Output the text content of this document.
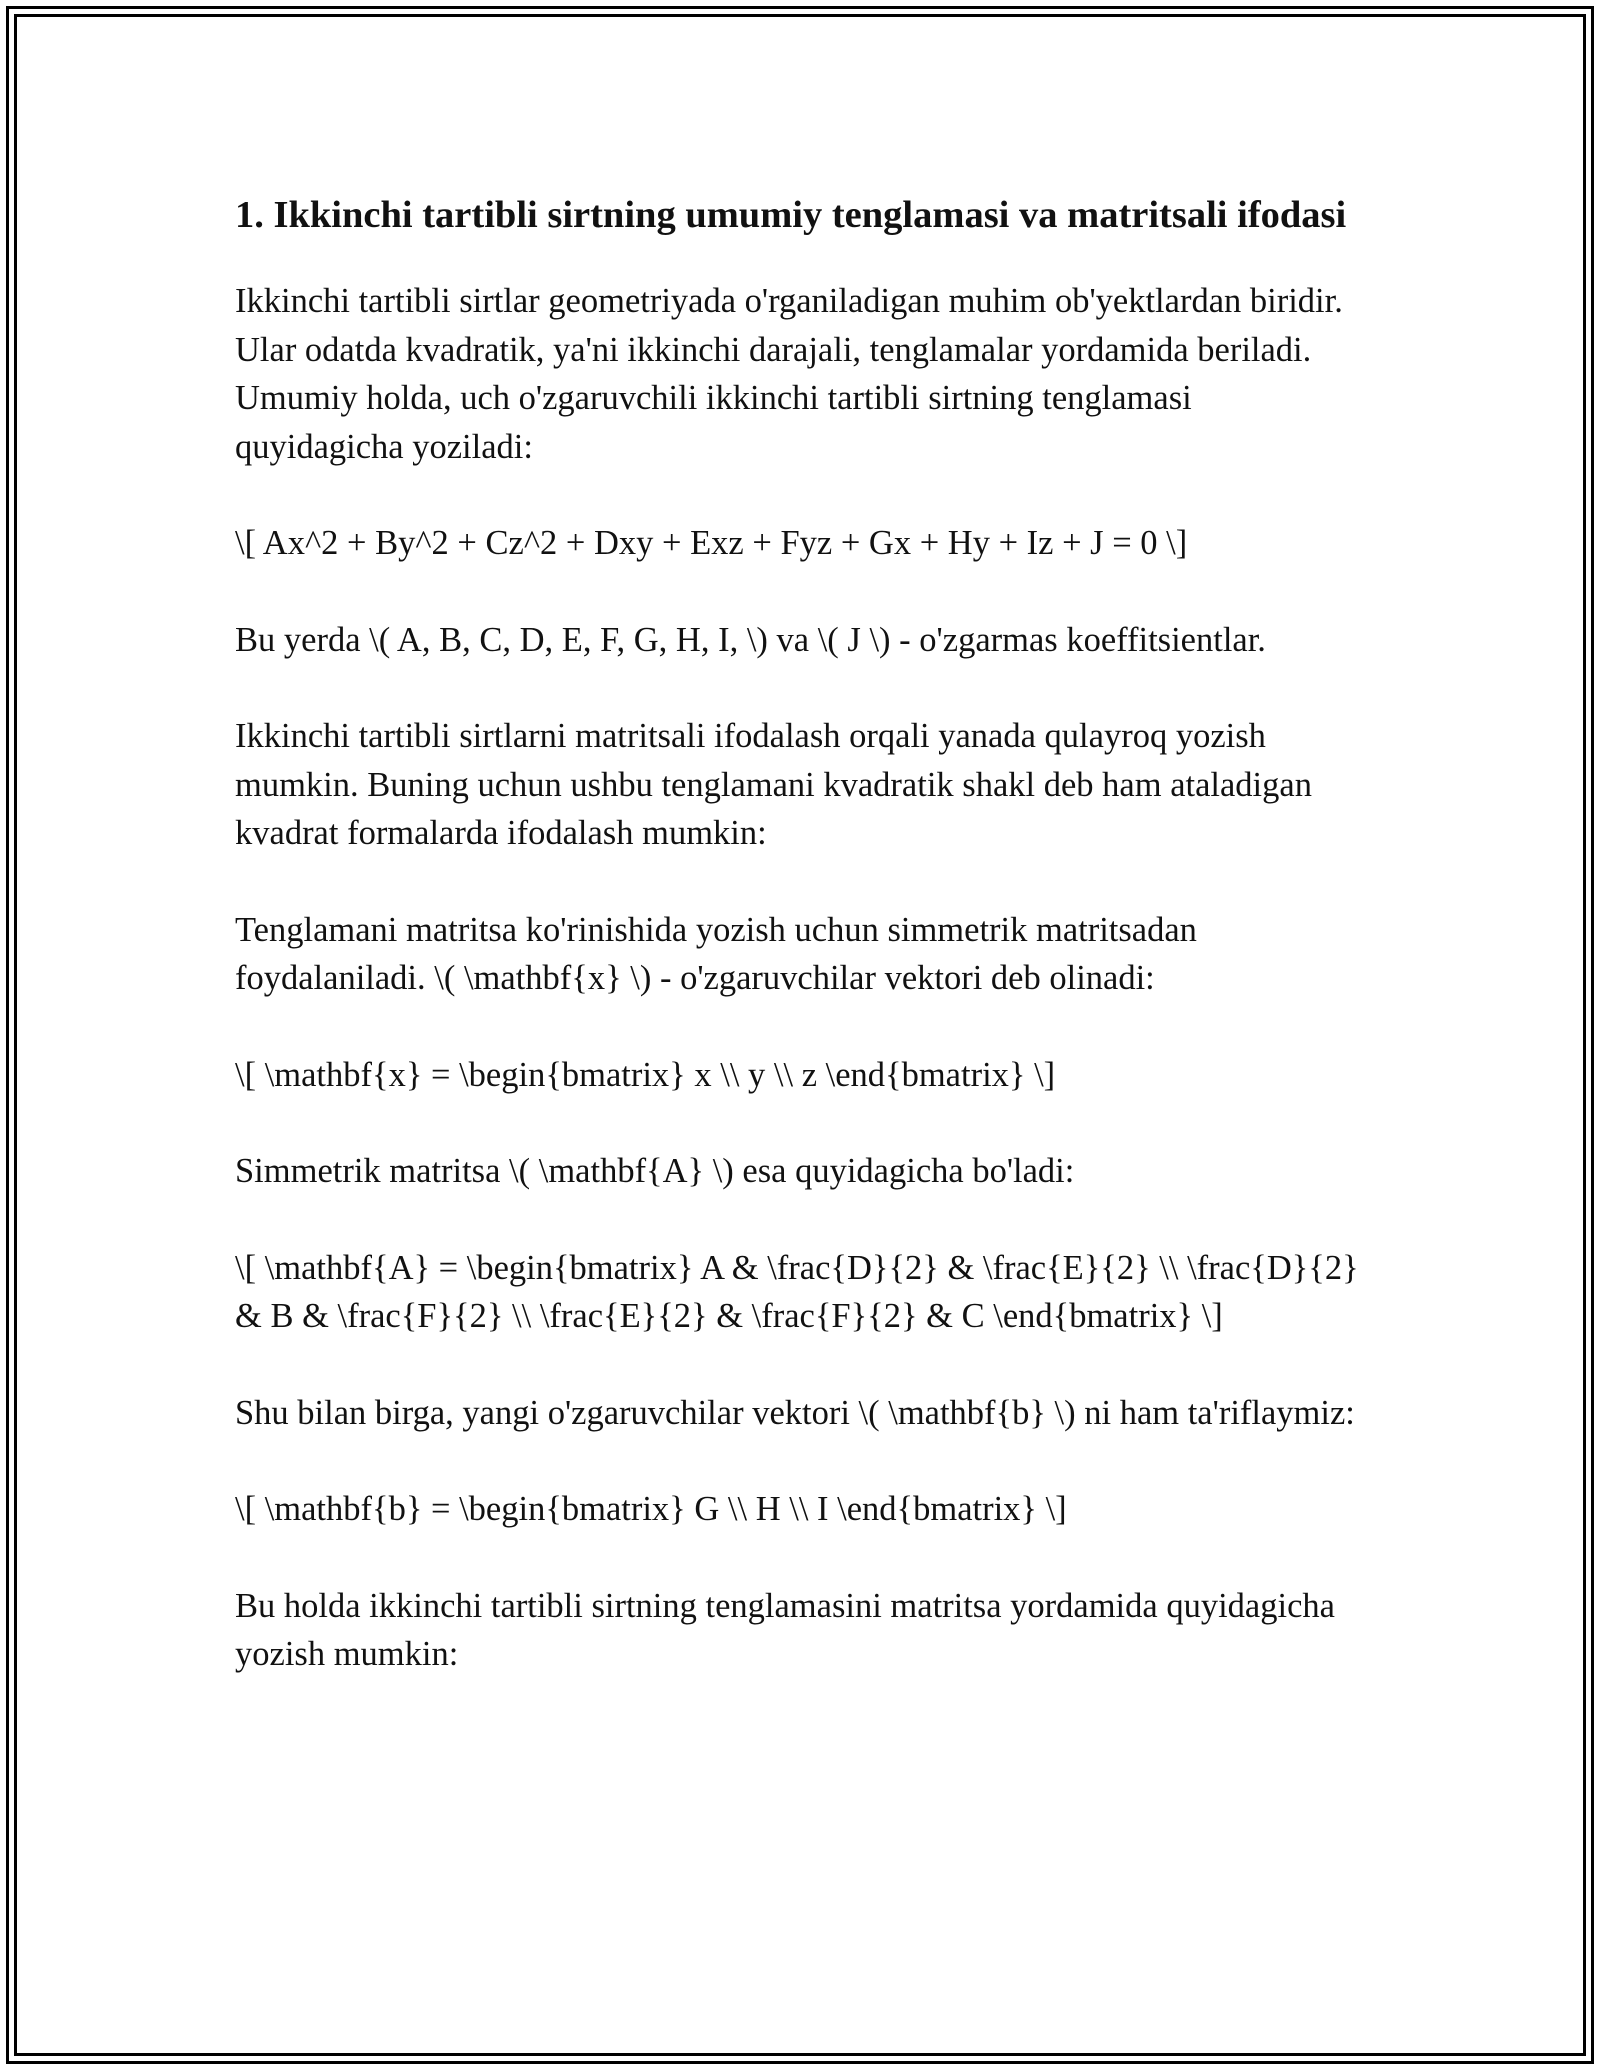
1. Ikkinchi tartibli sirtning umumiy tenglamasi va matritsali ifodasi

Ikkinchi tartibli sirtlar geometriyada o'rganiladigan muhim ob'yektlardan biridir. Ular odatda kvadratik, ya'ni ikkinchi darajali, tenglamalar yordamida beriladi. Umumiy holda, uch o'zgaruvchili ikkinchi tartibli sirtning tenglamasi quyidagicha yoziladi:

\[ Ax^2 + By^2 + Cz^2 + Dxy + Exz + Fyz + Gx + Hy + Iz + J = 0 \]

Bu yerda \( A, B, C, D, E, F, G, H, I, \) va \( J \) - o'zgarmas koeffitsientlar.

Ikkinchi tartibli sirtlarni matritsali ifodalash orqali yanada qulayroq yozish mumkin. Buning uchun ushbu tenglamani kvadratik shakl deb ham ataladigan kvadrat formalarda ifodalash mumkin:

Tenglamani matritsa ko'rinishida yozish uchun simmetrik matritsadan foydalaniladi. \( \mathbf{x} \) - o'zgaruvchilar vektori deb olinadi:

\[ \mathbf{x} = \begin{bmatrix} x \\ y \\ z \end{bmatrix} \]

Simmetrik matritsa \( \mathbf{A} \) esa quyidagicha bo'ladi:

\[ \mathbf{A} = \begin{bmatrix} A & \frac{D}{2} & \frac{E}{2} \\ \frac{D}{2} & B & \frac{F}{2} \\ \frac{E}{2} & \frac{F}{2} & C \end{bmatrix} \]

Shu bilan birga, yangi o'zgaruvchilar vektori \( \mathbf{b} \) ni ham ta'riflaymiz:

\[ \mathbf{b} = \begin{bmatrix} G \\ H \\ I \end{bmatrix} \]

Bu holda ikkinchi tartibli sirtning tenglamasini matritsa yordamida quyidagicha yozish mumkin:
